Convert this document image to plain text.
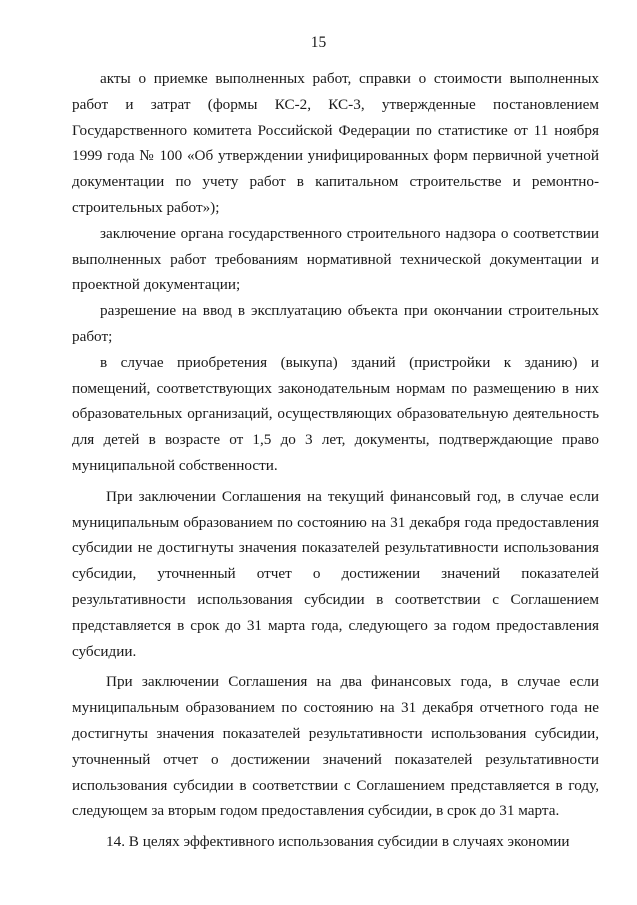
15

акты о приемке выполненных работ, справки о стоимости выполненных работ и затрат (формы КС-2, КС-3, утвержденные постановлением Государственного комитета Российской Федерации по статистике от 11 ноября 1999 года № 100 «Об утверждении унифицированных форм первичной учетной документации по учету работ в капитальном строительстве и ремонтно-строительных работ»);

заключение органа государственного строительного надзора о соответствии выполненных работ требованиям нормативной технической документации и проектной документации;

разрешение на ввод в эксплуатацию объекта при окончании строительных работ;

в случае приобретения (выкупа) зданий (пристройки к зданию) и помещений, соответствующих законодательным нормам по размещению в них образовательных организаций, осуществляющих образовательную деятельность для детей в возрасте от 1,5 до 3 лет, документы, подтверждающие право муниципальной собственности.

При заключении Соглашения на текущий финансовый год, в случае если муниципальным образованием по состоянию на 31 декабря года предоставления субсидии не достигнуты значения показателей результативности использования субсидии, уточненный отчет о достижении значений показателей результативности использования субсидии в соответствии с Соглашением представляется в срок до 31 марта года, следующего за годом предоставления субсидии.

При заключении Соглашения на два финансовых года, в случае если муниципальным образованием по состоянию на 31 декабря отчетного года не достигнуты значения показателей результативности использования субсидии, уточненный отчет о достижении значений показателей результативности использования субсидии в соответствии с Соглашением представляется в году, следующем за вторым годом предоставления субсидии, в срок до 31 марта.

14. В целях эффективного использования субсидии в случаях экономии
